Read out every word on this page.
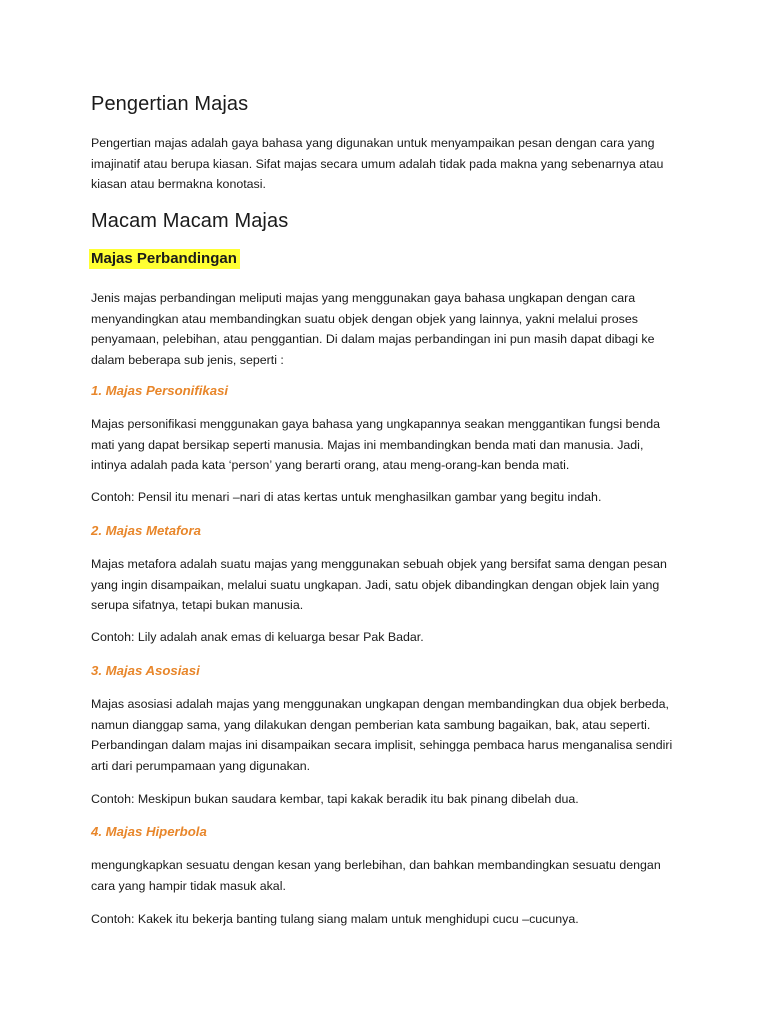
Pengertian Majas
Pengertian majas adalah gaya bahasa yang digunakan untuk menyampaikan pesan dengan cara yang
imajinatif atau berupa kiasan. Sifat majas secara umum adalah tidak pada makna yang sebenarnya atau
kiasan atau bermakna konotasi.
Macam Macam Majas
Majas Perbandingan
Jenis majas perbandingan meliputi majas yang menggunakan gaya bahasa ungkapan dengan cara
menyandingkan atau membandingkan suatu objek dengan objek yang lainnya, yakni melalui proses
penyamaan, pelebihan, atau penggantian. Di dalam majas perbandingan ini pun masih dapat dibagi ke
dalam beberapa sub jenis, seperti :
1. Majas Personifikasi
Majas personifikasi menggunakan gaya bahasa yang ungkapannya seakan menggantikan fungsi benda
mati yang dapat bersikap seperti manusia. Majas ini membandingkan benda mati dan manusia. Jadi,
intinya adalah pada kata ‘person’ yang berarti orang, atau meng-orang-kan benda mati.
Contoh: Pensil itu menari –nari di atas kertas untuk menghasilkan gambar yang begitu indah.
2. Majas Metafora
Majas metafora adalah suatu majas yang menggunakan sebuah objek yang bersifat sama dengan pesan
yang ingin disampaikan, melalui suatu ungkapan. Jadi, satu objek dibandingkan dengan objek lain yang
serupa sifatnya, tetapi bukan manusia.
Contoh: Lily adalah anak emas di keluarga besar Pak Badar.
3. Majas Asosiasi
Majas asosiasi adalah majas yang menggunakan ungkapan dengan membandingkan dua objek berbeda,
namun dianggap sama, yang dilakukan dengan pemberian kata sambung bagaikan, bak, atau seperti.
Perbandingan dalam majas ini disampaikan secara implisit, sehingga pembaca harus menganalisa sendiri
arti dari perumpamaan yang digunakan.
Contoh: Meskipun bukan saudara kembar, tapi kakak beradik itu bak pinang dibelah dua.
4. Majas Hiperbola
mengungkapkan sesuatu dengan kesan yang berlebihan, dan bahkan membandingkan sesuatu dengan
cara yang hampir tidak masuk akal.
Contoh: Kakek itu bekerja banting tulang siang malam untuk menghidupi cucu –cucunya.
